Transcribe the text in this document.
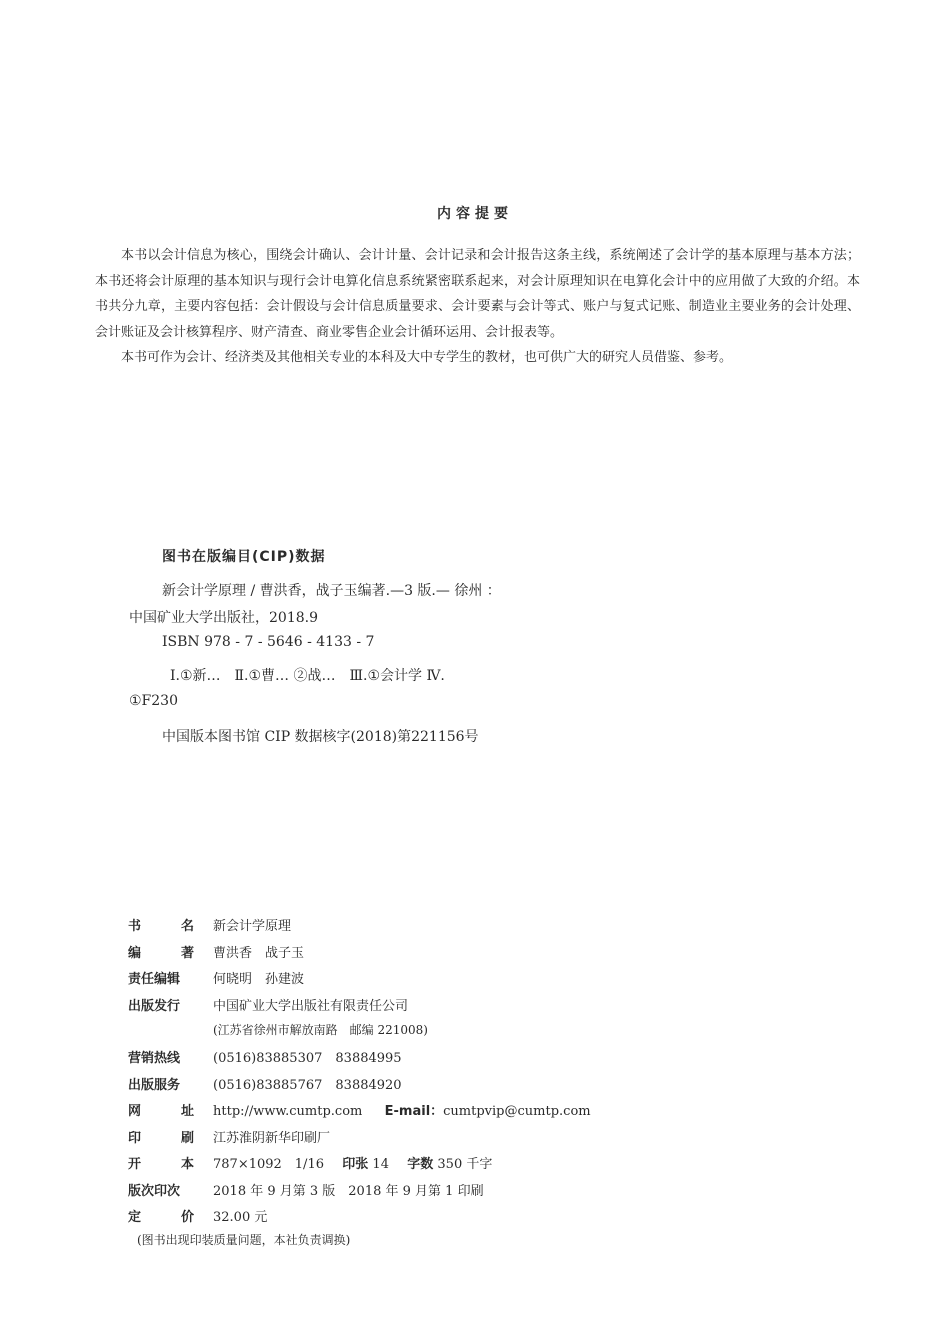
内容提要

本书以会计信息为核心，围绕会计确认、会计计量、会计记录和会计报告这条主线，系统阐述了会计学的基本原理与基本方法；本书还将会计原理的基本知识与现行会计电算化信息系统紧密联系起来，对会计原理知识在电算化会计中的应用做了大致的介绍。本书共分九章，主要内容包括：会计假设与会计信息质量要求、会计要素与会计等式、账户与复式记账、制造业主要业务的会计处理、会计账证及会计核算程序、财产清查、商业零售企业会计循环运用、会计报表等。

本书可作为会计、经济类及其他相关专业的本科及大中专学生的教材，也可供广大的研究人员借鉴、参考。

图书在版编目(CIP)数据
新会计学原理 / 曹洪香，战子玉编著.—3 版.— 徐州 ：
中国矿业大学出版社，2018.9
ISBN 978 - 7 - 5646 - 4133 - 7
Ⅰ.①新…　Ⅱ.①曹… ②战…　Ⅲ.①会计学 Ⅳ.
①F230
中国版本图书馆 CIP 数据核字(2018)第221156号
书	名 新会计学原理
编	著 曹洪香　战子玉
责任编辑	何晓明　孙建波
出版发行	中国矿业大学出版社有限责任公司
(江苏省徐州市解放南路　邮编 221008)
营销热线	(0516)83885307　83884995
出版服务	(0516)83885767　83884920
网	址 http://www.cumtp.com E-mail：cumtpvip@cumtp.com
印	刷 江苏淮阴新华印刷厂
开	本 787×1092　1/16 印张 14 字数 350 千字
版次印次	2018 年 9 月第 3 版　2018 年 9 月第 1 印刷
定	价 32.00 元
(图书出现印装质量问题，本社负责调换)
